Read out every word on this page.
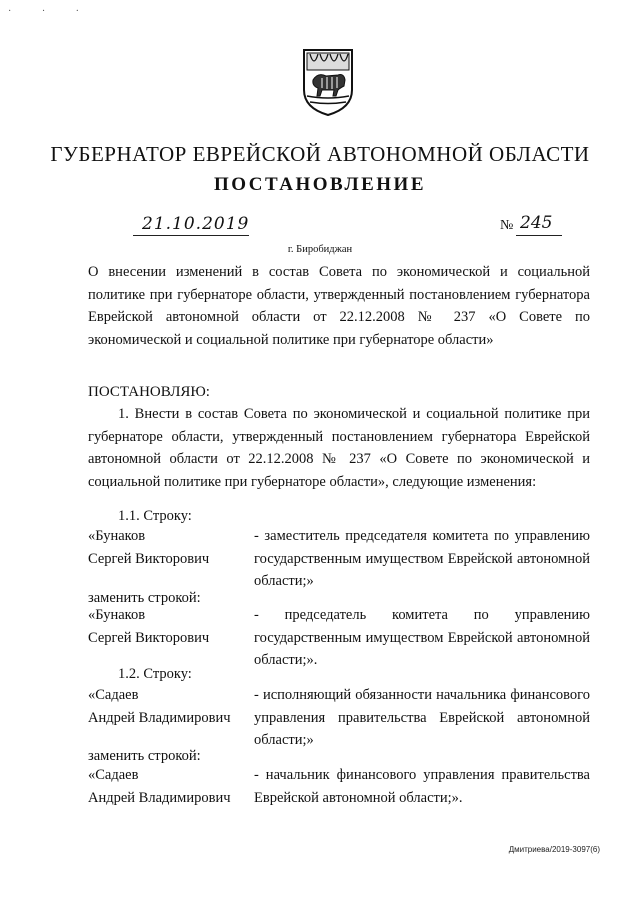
· · ·
ГУБЕРНАТОР ЕВРЕЙСКОЙ АВТОНОМНОЙ ОБЛАСТИ
ПОСТАНОВЛЕНИЕ
21.10.2019	№ 245
г. Биробиджан
О внесении изменений в состав Совета по экономической и социальной политике при губернаторе области, утвержденный постановлением губернатора Еврейской автономной области от 22.12.2008 № 237 «О Совете по экономической и социальной политике при губернаторе области»
ПОСТАНОВЛЯЮ:
1. Внести в состав Совета по экономической и социальной политике при губернаторе области, утвержденный постановлением губернатора Еврейской автономной области от 22.12.2008 № 237 «О Совете по экономической и социальной политике при губернаторе области», следующие изменения:
1.1. Строку:
«Бунаков
Сергей Викторович
- заместитель председателя комитета по управлению государственным имуществом Еврейской автономной области;»
заменить строкой:
«Бунаков
Сергей Викторович
- председатель комитета по управлению государственным имуществом Еврейской автономной области;».
1.2. Строку:
«Садаев
Андрей Владимирович
- исполняющий обязанности начальника финансового управления правительства Еврейской автономной области;»
заменить строкой:
«Садаев
Андрей Владимирович
- начальник финансового управления правительства Еврейской автономной области;».
Дмитриева/2019-3097(6)
